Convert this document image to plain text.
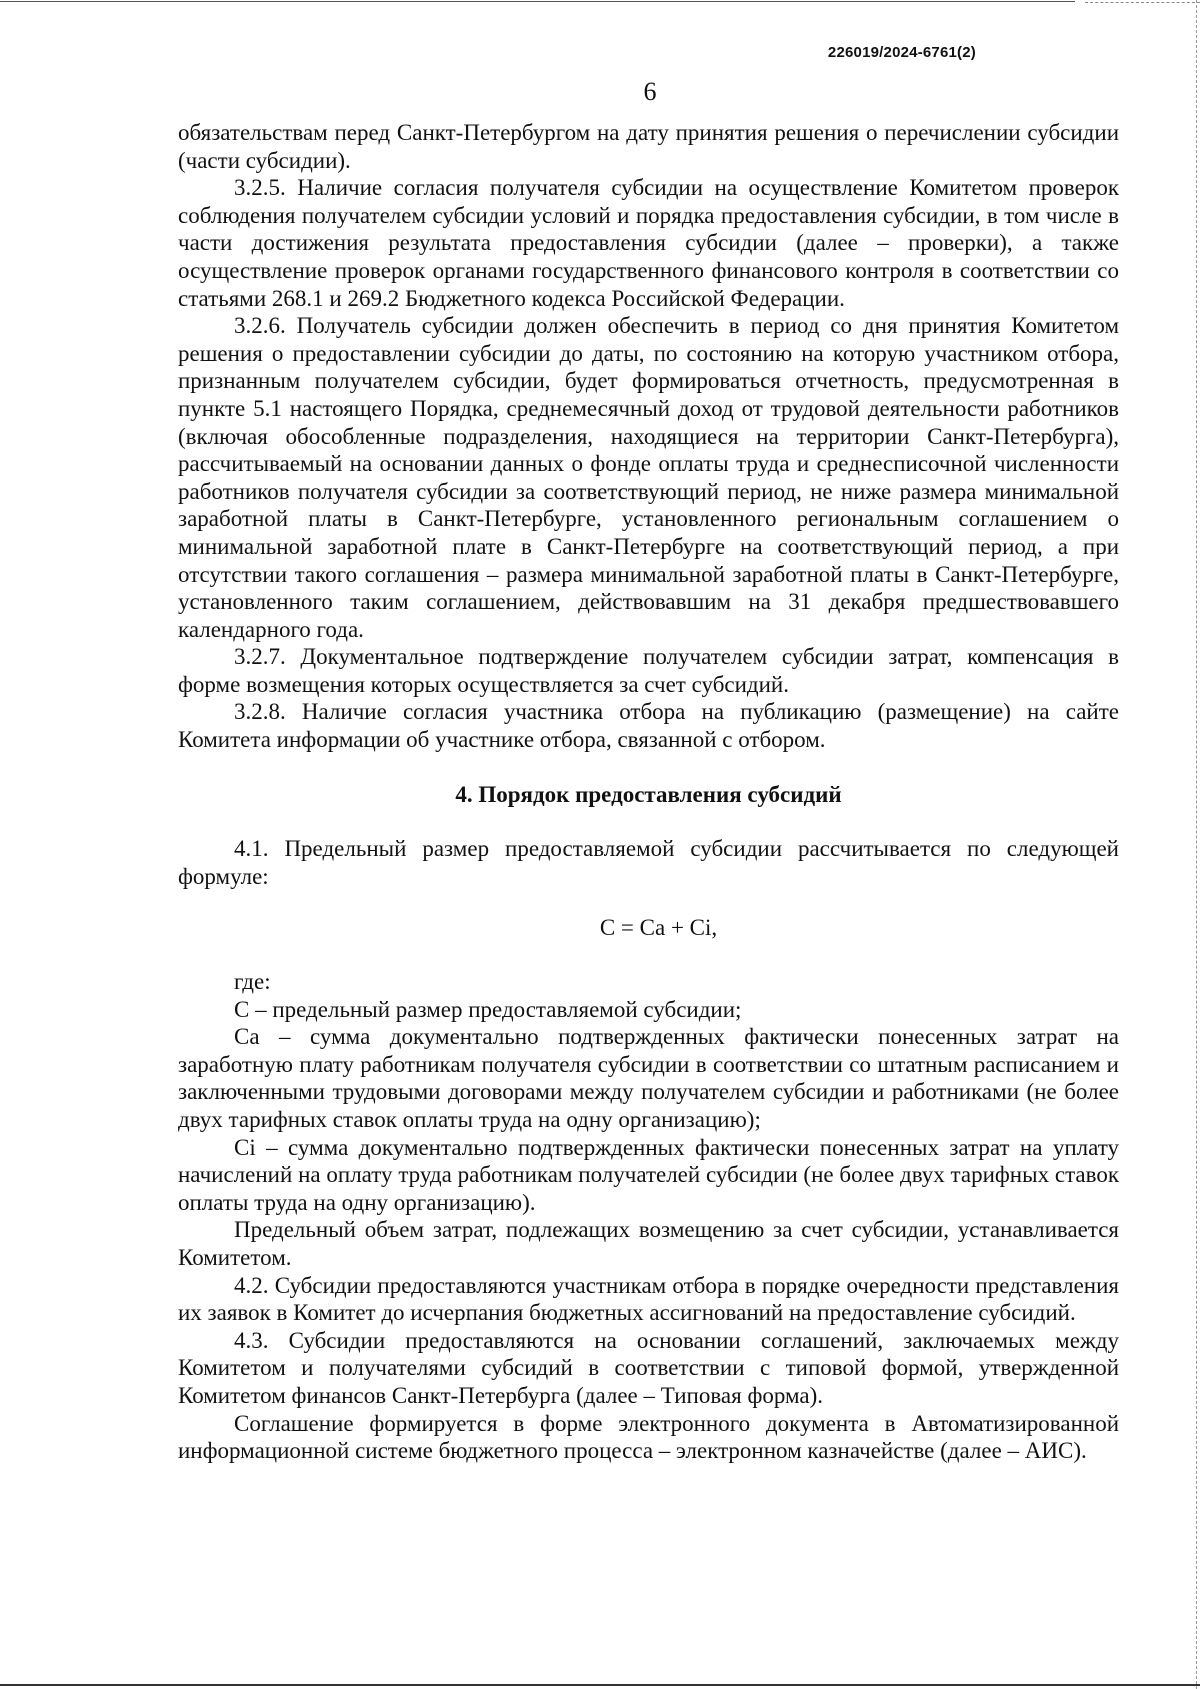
226019/2024-6761(2)
6

обязательствам перед Санкт-Петербургом на дату принятия решения о перечислении субсидии (части субсидии).

3.2.5. Наличие согласия получателя субсидии на осуществление Комитетом проверок соблюдения получателем субсидии условий и порядка предоставления субсидии, в том числе в части достижения результата предоставления субсидии (далее – проверки), а также осуществление проверок органами государственного финансового контроля в соответствии со статьями 268.1 и 269.2 Бюджетного кодекса Российской Федерации.

3.2.6. Получатель субсидии должен обеспечить в период со дня принятия Комитетом решения о предоставлении субсидии до даты, по состоянию на которую участником отбора, признанным получателем субсидии, будет формироваться отчетность, предусмотренная в пункте 5.1 настоящего Порядка, среднемесячный доход от трудовой деятельности работников (включая обособленные подразделения, находящиеся на территории Санкт-Петербурга), рассчитываемый на основании данных о фонде оплаты труда и среднесписочной численности работников получателя субсидии за соответствующий период, не ниже размера минимальной заработной платы в Санкт-Петербурге, установленного региональным соглашением о минимальной заработной плате в Санкт-Петербурге на соответствующий период, а при отсутствии такого соглашения – размера минимальной заработной платы в Санкт-Петербурге, установленного таким соглашением, действовавшим на 31 декабря предшествовавшего календарного года.

3.2.7. Документальное подтверждение получателем субсидии затрат, компенсация в форме возмещения которых осуществляется за счет субсидий.

3.2.8. Наличие согласия участника отбора на публикацию (размещение) на сайте Комитета информации об участнике отбора, связанной с отбором.

4. Порядок предоставления субсидий

4.1. Предельный размер предоставляемой субсидии рассчитывается по следующей формуле:

С = Са + Сi,

где:

С – предельный размер предоставляемой субсидии;

Са – сумма документально подтвержденных фактически понесенных затрат на заработную плату работникам получателя субсидии в соответствии со штатным расписанием и заключенными трудовыми договорами между получателем субсидии и работниками (не более двух тарифных ставок оплаты труда на одну организацию);

Сi – сумма документально подтвержденных фактически понесенных затрат на уплату начислений на оплату труда работникам получателей субсидии (не более двух тарифных ставок оплаты труда на одну организацию).

Предельный объем затрат, подлежащих возмещению за счет субсидии, устанавливается Комитетом.

4.2. Субсидии предоставляются участникам отбора в порядке очередности представления их заявок в Комитет до исчерпания бюджетных ассигнований на предоставление субсидий.

4.3. Субсидии предоставляются на основании соглашений, заключаемых между Комитетом и получателями субсидий в соответствии с типовой формой, утвержденной Комитетом финансов Санкт-Петербурга (далее – Типовая форма).

Соглашение формируется в форме электронного документа в Автоматизированной информационной системе бюджетного процесса – электронном казначействе (далее – АИС).
